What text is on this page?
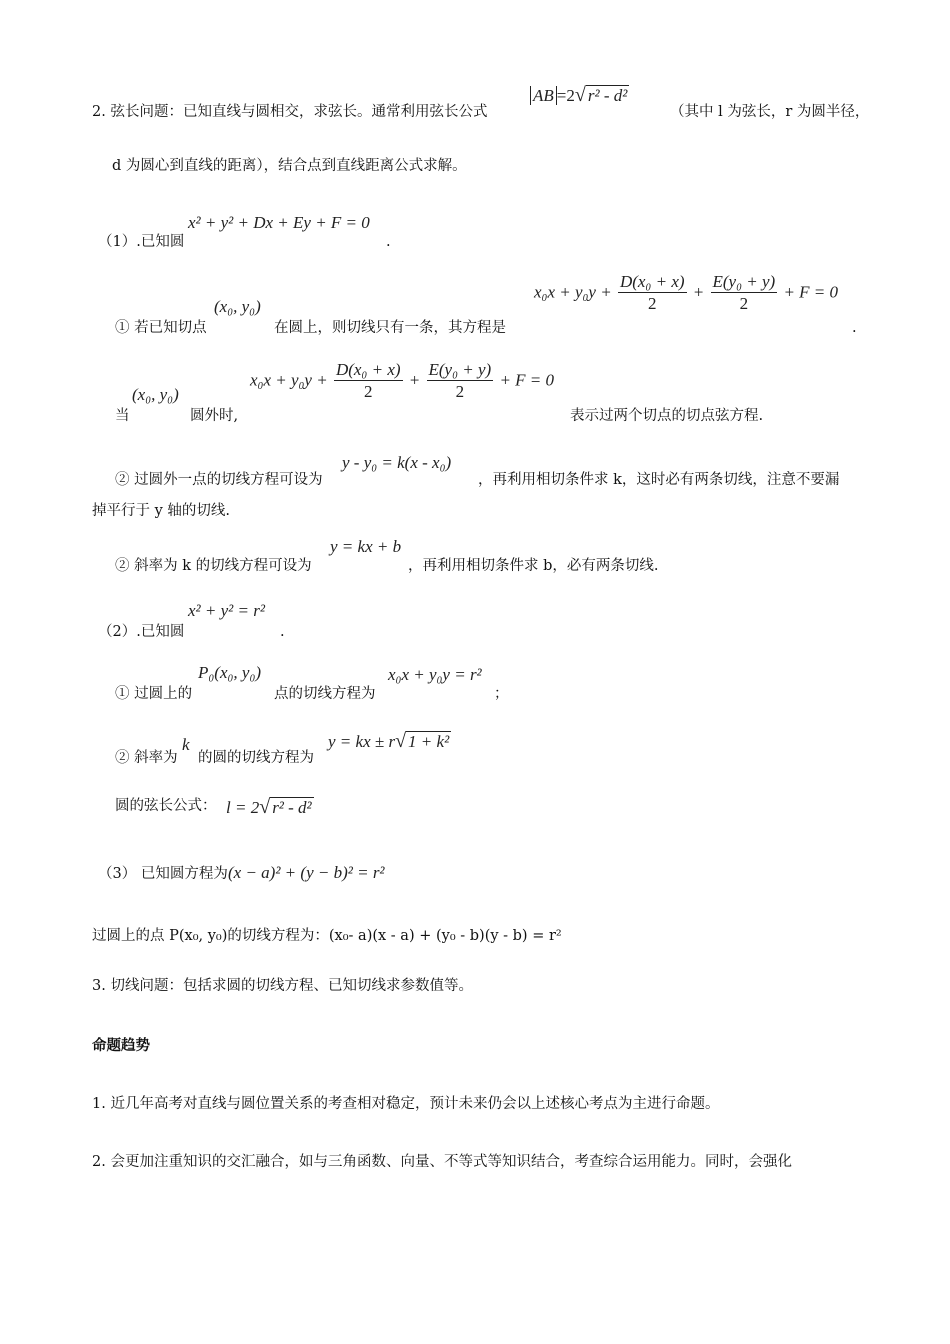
2. 弦长问题：已知直线与圆相交，求弦长。通常利用弦长公式
AB =2√ r² - d²
（其中 l 为弦长，r 为圆半径，
d 为圆心到直线的距离），结合点到直线距离公式求解。
（1）.已知圆
x² + y² + Dx + Ey + F = 0
.
① 若已知切点
(x₀, y₀)
在圆上，则切线只有一条，其方程是
$x_0x + y_0y + \frac{\text{D(x₀ + x)}}{2} + \frac{\text{E(y₀ + y)}}{2} + F = 0$
.
当
(x₀, y₀)
圆外时,
$x_0x + y_0y + \frac{\text{D(x₀ + x)}}{2} + \frac{\text{E(y₀ + y)}}{2} + F = 0$
表示过两个切点的切点弦方程.
② 过圆外一点的切线方程可设为
y - y₀ = k(x - x₀)
，再利用相切条件求 k，这时必有两条切线，注意不要漏
掉平行于 y 轴的切线.
② 斜率为 k 的切线方程可设为
y = kx + b
，再利用相切条件求 b，必有两条切线.
（2）.已知圆
x² + y² = r²
.
① 过圆上的
P₀(x₀, y₀)
点的切线方程为
x₀x + y₀y = r²
；
② 斜率为
k
的圆的切线方程为
y = kx ± r√ 1 + k²
圆的弦长公式： l = 2√ r² - d²
（3） 已知圆方程为 (x − a)² + (y − b)² = r²
过圆上的点 P(x₀, y₀)的切线方程为：(x₀- a)(x - a) + (y₀ - b)(y - b) = r²
3. 切线问题：包括求圆的切线方程、已知切线求参数值等。
命题趋势
1. 近几年高考对直线与圆位置关系的考查相对稳定，预计未来仍会以上述核心考点为主进行命题。
2. 会更加注重知识的交汇融合，如与三角函数、向量、不等式等知识结合，考查综合运用能力。同时，会强化
